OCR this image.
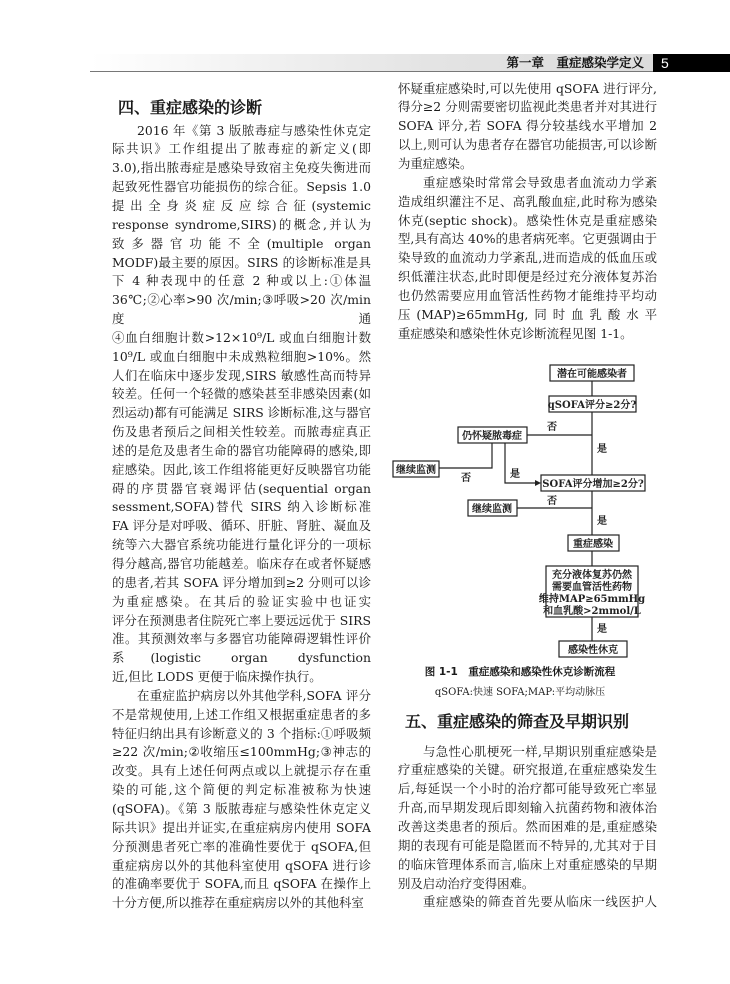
第一章　重症感染学定义	5
四、重症感染的诊断
2016 年《第 3 版脓毒症与感染性休克定
际共识》工作组提出了脓毒症的新定义(即
3.0),指出脓毒症是感染导致宿主免疫失衡进而
起致死性器官功能损伤的综合征。Sepsis 1.0
提出全身炎症反应综合征(systemic
response syndrome,SIRS)的概念,并认为
致多器官功能不全(multiple organ
MODF)最主要的原因。SIRS 的诊断标准是具
下 4 种表现中的任意 2 种或以上:①体温
36℃;②心率>90 次/min;③呼吸>20 次/min
度通
④血白细胞计数>12×10⁹/L 或血白细胞计数
10⁹/L 或血白细胞中未成熟粒细胞>10%。然
人们在临床中逐步发现,SIRS 敏感性高而特异
较差。任何一个轻微的感染甚至非感染因素(如
烈运动)都有可能满足 SIRS 诊断标准,这与器官
伤及患者预后之间相关性较差。而脓毒症真正
述的是危及患者生命的器官功能障碍的感染,即
症感染。因此,该工作组将能更好反映器官功能
碍的序贯器官衰竭评估(sequential organ
sessment,SOFA)替代 SIRS 纳入诊断标准
FA 评分是对呼吸、循环、肝脏、肾脏、凝血及
统等六大器官系统功能进行量化评分的一项标
得分越高,器官功能越差。临床存在或者怀疑感
的患者,若其 SOFA 评分增加到≥2 分则可以诊
为重症感染。在其后的验证实验中也证实
评分在预测患者住院死亡率上要远远优于 SIRS
准。其预测效率与多器官功能障碍逻辑性评价
系(logistic organ dysfunction
近,但比 LODS 更便于临床操作执行。
在重症监护病房以外其他学科,SOFA 评分
不是常规使用,上述工作组又根据重症患者的多
特征归纳出具有诊断意义的 3 个指标:①呼吸频
≥22 次/min;②收缩压≤100mmHg;③神志的
改变。具有上述任何两点或以上就提示存在重
染的可能,这个简便的判定标准被称为快速
(qSOFA)。《第 3 版脓毒症与感染性休克定义
际共识》提出并证实,在重症病房内使用 SOFA
分预测患者死亡率的准确性要优于 qSOFA,但
重症病房以外的其他科室使用 qSOFA 进行诊
的准确率要优于 SOFA,而且 qSOFA 在操作上
十分方便,所以推荐在重症病房以外的其他科室
怀疑重症感染时,可以先使用 qSOFA 进行评分,
得分≥2 分则需要密切监视此类患者并对其进行
SOFA 评分,若 SOFA 得分较基线水平增加 2
以上,则可认为患者存在器官功能损害,可以诊断
为重症感染。
重症感染时常常会导致患者血流动力学紊
造成组织灌注不足、高乳酸血症,此时称为感染
休克(septic shock)。感染性休克是重症感染
型,具有高达 40%的患者病死率。它更强调由于
染导致的血流动力学紊乱,进而造成的低血压或
织低灌注状态,此时即便是经过充分液体复苏治
也仍然需要应用血管活性药物才能维持平均动
压(MAP)≥65mmHg,同时血乳酸水平
重症感染和感染性休克诊断流程见图 1-1。
潜在可能感染者
qSOFA评分≥2分?
仍怀疑脓毒症
继续监测
SOFA评分增加≥2分?
继续监测
重症感染
充分液体复苏仍然
需要血管活性药物
维持MAP≥65mmHg
和血乳酸>2mmol/L
感染性休克
否
是
否	是
否
是
是
图 1-1　重症感染和感染性休克诊断流程
qSOFA:快速 SOFA;MAP:平均动脉压
五、重症感染的筛查及早期识别
与急性心肌梗死一样,早期识别重症感染是
疗重症感染的关键。研究报道,在重症感染发生
后,每延误一个小时的治疗都可能导致死亡率显
升高,而早期发现后即刻输入抗菌药物和液体治
改善这类患者的预后。然而困难的是,重症感染
期的表现有可能是隐匿而不特异的,尤其对于目
的临床管理体系而言,临床上对重症感染的早期
别及启动治疗变得困难。
重症感染的筛查首先要从临床一线医护人
